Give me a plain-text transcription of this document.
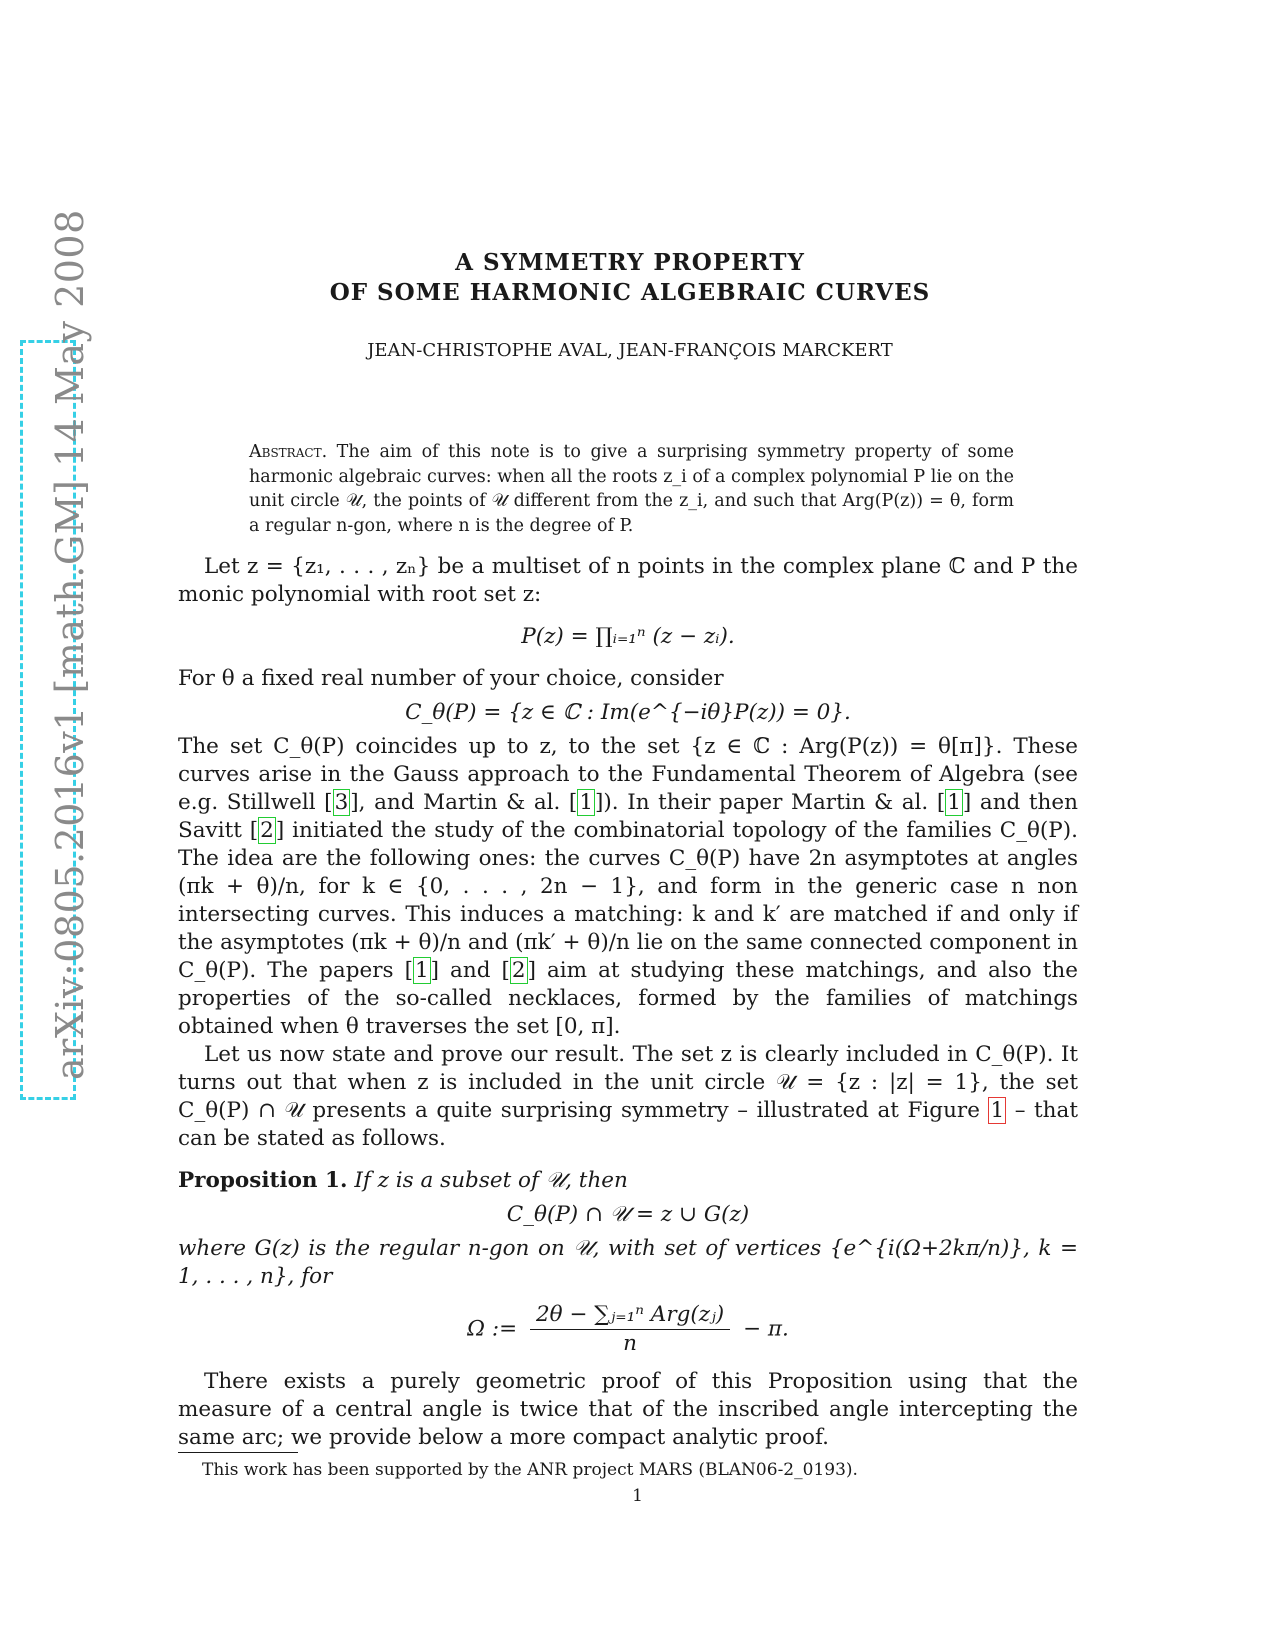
arXiv:0805.2016v1 [math.GM] 14 May 2008	A SYMMETRY PROPERTY
OF SOME HARMONIC ALGEBRAIC CURVES
JEAN-CHRISTOPHE AVAL, JEAN-FRANÇOIS MARCKERT
Abstract. The aim of this note is to give a surprising symmetry property of some harmonic algebraic curves: when all the roots z_i of a complex polynomial P lie on the unit circle 𝒰, the points of 𝒰 different from the z_i, and such that Arg(P(z)) = θ, form a regular n-gon, where n is the degree of P.

Let z = {z₁, . . . , zₙ} be a multiset of n points in the complex plane ℂ and P the monic polynomial with root set z:

P(z) = ∏ᵢ₌₁ⁿ (z − zᵢ).

For θ a fixed real number of your choice, consider

C_θ(P) = {z ∈ ℂ : Im(e^{−iθ}P(z)) = 0}.

The set C_θ(P) coincides up to z, to the set {z ∈ ℂ : Arg(P(z)) = θ[π]}. These curves arise in the Gauss approach to the Fundamental Theorem of Algebra (see e.g. Stillwell [3], and Martin & al. [1]). In their paper Martin & al. [1] and then Savitt [2] initiated the study of the combinatorial topology of the families C_θ(P). The idea are the following ones: the curves C_θ(P) have 2n asymptotes at angles (πk + θ)/n, for k ∈ {0, . . . , 2n − 1}, and form in the generic case n non intersecting curves. This induces a matching: k and k′ are matched if and only if the asymptotes (πk + θ)/n and (πk′ + θ)/n lie on the same connected component in C_θ(P). The papers [1] and [2] aim at studying these matchings, and also the properties of the so-called necklaces, formed by the families of matchings obtained when θ traverses the set [0, π].

Let us now state and prove our result. The set z is clearly included in C_θ(P). It turns out that when z is included in the unit circle 𝒰 = {z : |z| = 1}, the set C_θ(P) ∩ 𝒰 presents a quite surprising symmetry – illustrated at Figure 1 – that can be stated as follows.

Proposition 1. If z is a subset of 𝒰, then

C_θ(P) ∩ 𝒰 = z ∪ G(z)

where G(z) is the regular n-gon on 𝒰, with set of vertices {e^{i(Ω+2kπ/n)}, k = 1, . . . , n}, for

Ω :=
2θ − ∑ⱼ₌₁ⁿ Arg(zⱼ)
n
− π.

There exists a purely geometric proof of this Proposition using that the measure of a central angle is twice that of the inscribed angle intercepting the same arc; we provide below a more compact analytic proof.

This work has been supported by the ANR project MARS (BLAN06-2_0193).
1
